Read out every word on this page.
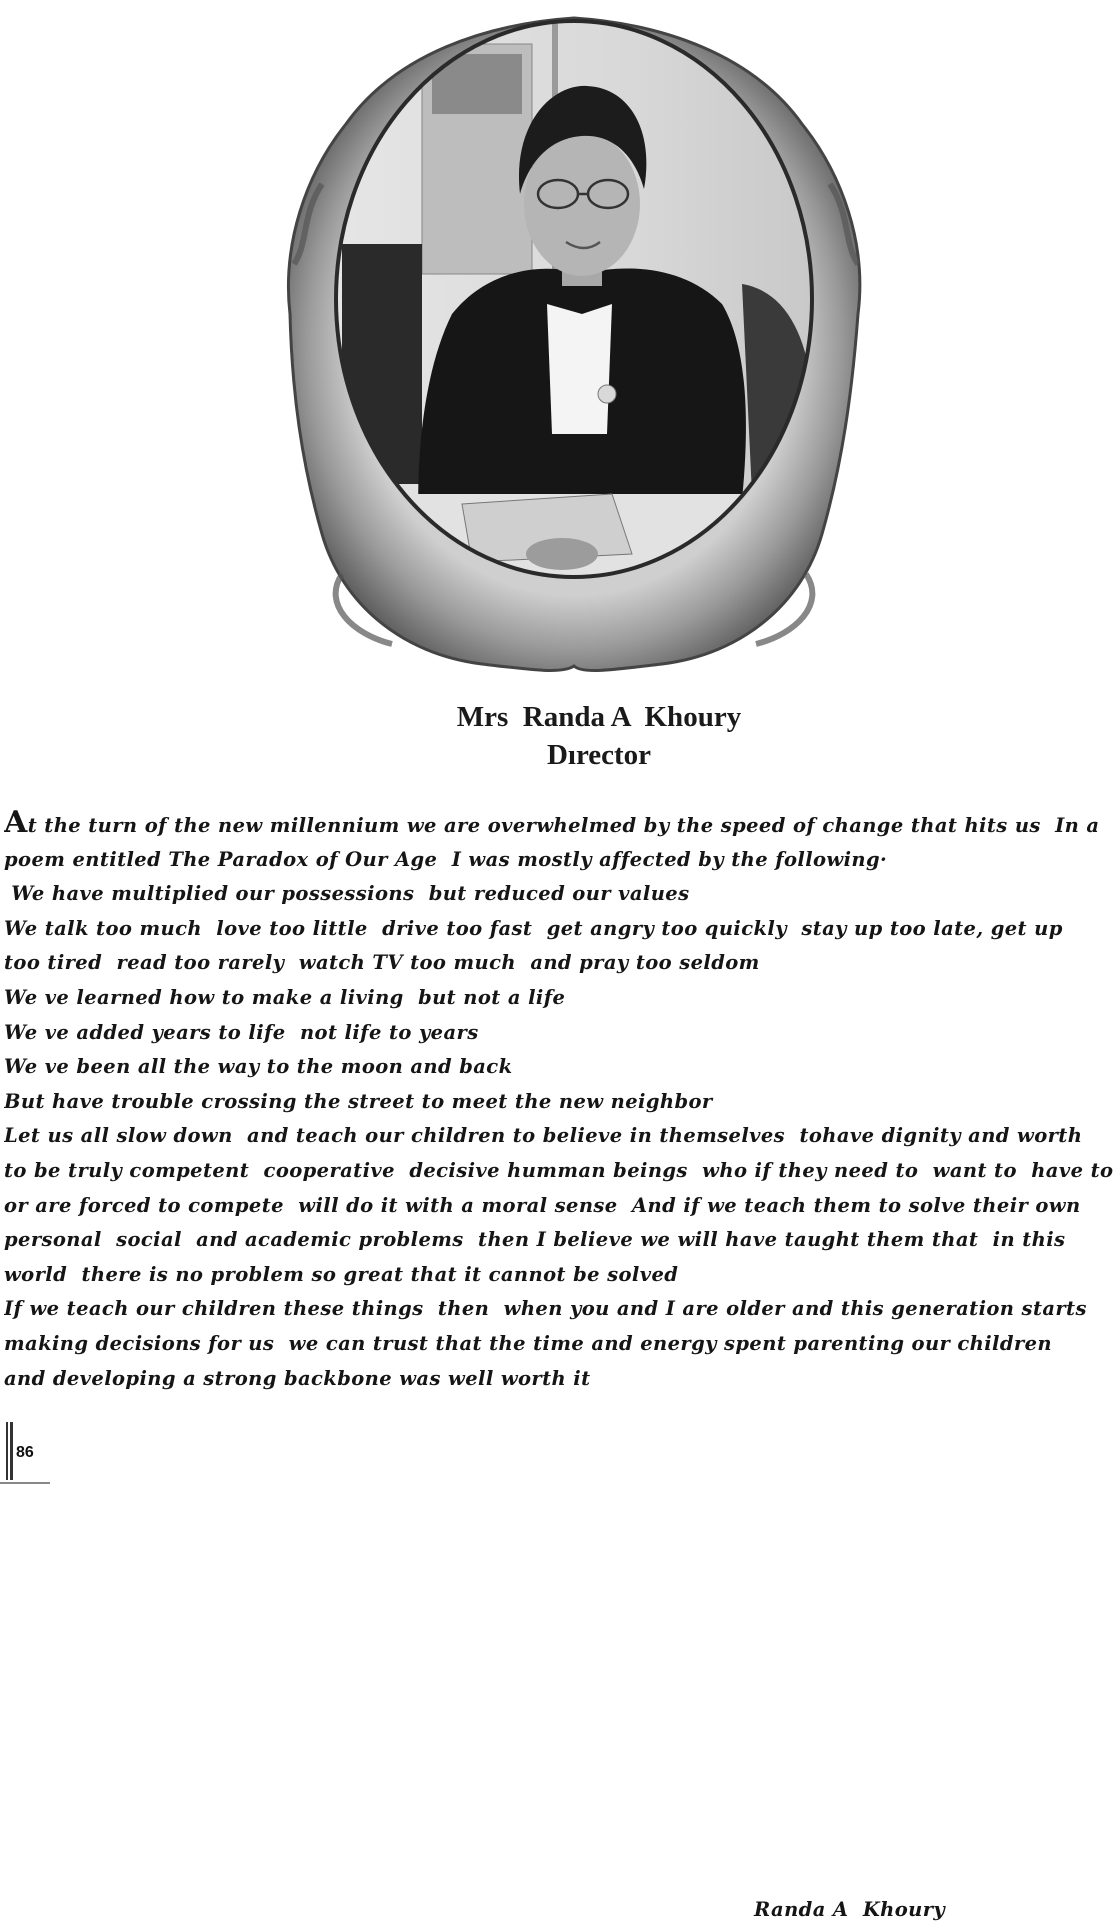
Mrs  Randa A  Khoury
Dırector
At the turn of the new millennium we are overwhelmed by the speed of change that hits us  In a
poem entitled The Paradox of Our Age  I was mostly affected by the following·
We have multiplied our possessions  but reduced our values
We talk too much  love too little  drive too fast  get angry too quickly  stay up too late, get up
too tired  read too rarely  watch TV too much  and pray too seldom
We ve learned how to make a living  but not a life
We ve added years to life  not life to years
We ve been all the way to the moon and back
But have trouble crossing the street to meet the new neighbor
Let us all slow down  and teach our children to believe in themselves  tohave dignity and worth
to be truly competent  cooperative  decisive humman beings  who if they need to  want to  have to
or are forced to compete  will do it with a moral sense  And if we teach them to solve their own
personal  social  and academic problems  then I believe we will have taught them that  in this
world  there is no problem so great that it cannot be solved
If we teach our children these things  then  when you and I are older and this generation starts
making decisions for us  we can trust that the time and energy spent parenting our children
and developing a strong backbone was well worth it
Randa A  Khoury
86
